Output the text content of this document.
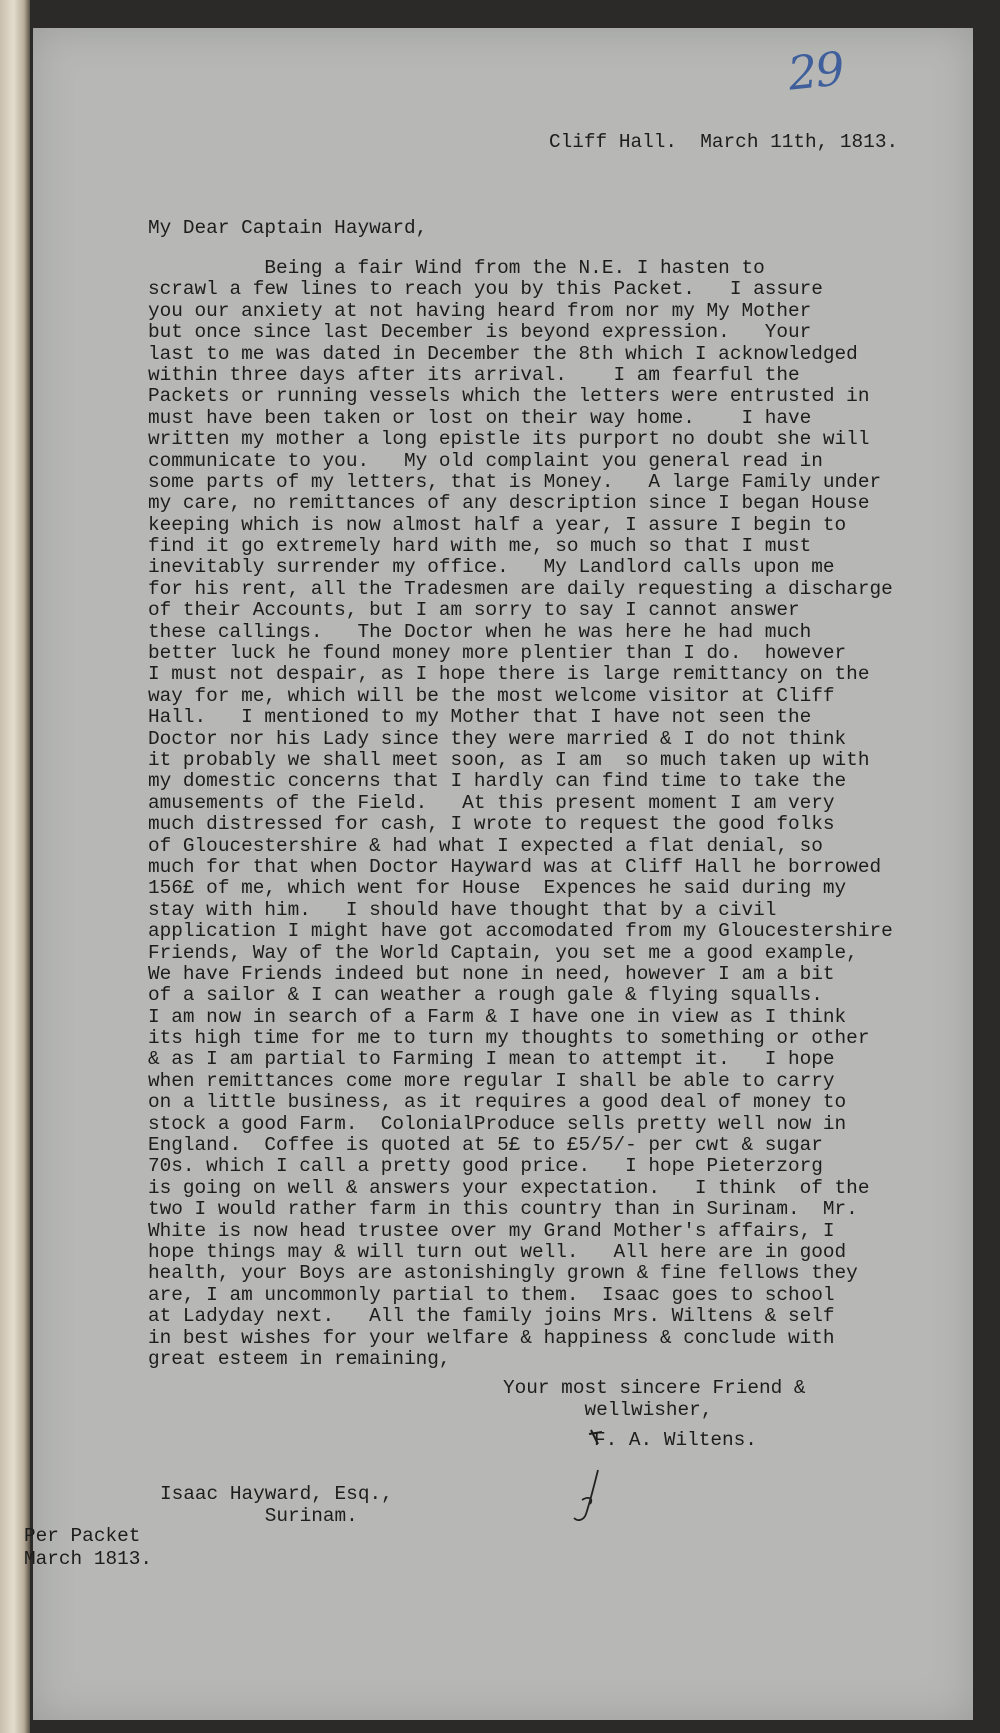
29
Cliff Hall.  March 11th, 1813.
My Dear Captain Hayward,
Being a fair Wind from the N.E. I hasten to
scrawl a few lines to reach you by this Packet.   I assure
you our anxiety at not having heard from nor my My Mother
but once since last December is beyond expression.   Your
last to me was dated in December the 8th which I acknowledged
within three days after its arrival.    I am fearful the
Packets or running vessels which the letters were entrusted in
must have been taken or lost on their way home.    I have
written my mother a long epistle its purport no doubt she will
communicate to you.   My old complaint you general read in
some parts of my letters, that is Money.   A large Family under
my care, no remittances of any description since I began House
keeping which is now almost half a year, I assure I begin to
find it go extremely hard with me, so much so that I must
inevitably surrender my office.   My Landlord calls upon me
for his rent, all the Tradesmen are daily requesting a discharge
of their Accounts, but I am sorry to say I cannot answer
these callings.   The Doctor when he was here he had much
better luck he found money more plentier than I do.  however
I must not despair, as I hope there is large remittancy on the
way for me, which will be the most welcome visitor at Cliff
Hall.   I mentioned to my Mother that I have not seen the
Doctor nor his Lady since they were married & I do not think
it probably we shall meet soon, as I am  so much taken up with
my domestic concerns that I hardly can find time to take the
amusements of the Field.   At this present moment I am very
much distressed for cash, I wrote to request the good folks
of Gloucestershire & had what I expected a flat denial, so
much for that when Doctor Hayward was at Cliff Hall he borrowed
156£ of me, which went for House  Expences he said during my
stay with him.   I should have thought that by a civil
application I might have got accomodated from my Gloucestershire
Friends, Way of the World Captain, you set me a good example,
We have Friends indeed but none in need, however I am a bit
of a sailor & I can weather a rough gale & flying squalls.
I am now in search of a Farm & I have one in view as I think
its high time for me to turn my thoughts to something or other
& as I am partial to Farming I mean to attempt it.   I hope
when remittances come more regular I shall be able to carry
on a little business, as it requires a good deal of money to
stock a good Farm.  ColonialProduce sells pretty well now in
England.  Coffee is quoted at 5£ to £5/5/- per cwt & sugar
70s. which I call a pretty good price.   I hope Pieterzorg
is going on well & answers your expectation.   I think  of the
two I would rather farm in this country than in Surinam.  Mr.
White is now head trustee over my Grand Mother's affairs, I
hope things may & will turn out well.   All here are in good
health, your Boys are astonishingly grown & fine fellows they
are, I am uncommonly partial to them.  Isaac goes to school
at Ladyday next.   All the family joins Mrs. Wiltens & self
in best wishes for your welfare & happiness & conclude with
great esteem in remaining,
Your most sincere Friend &
wellwisher,
F. A. Wiltens.
Isaac Hayward, Esq.,
Surinam.
Per Packet
March 1813.
